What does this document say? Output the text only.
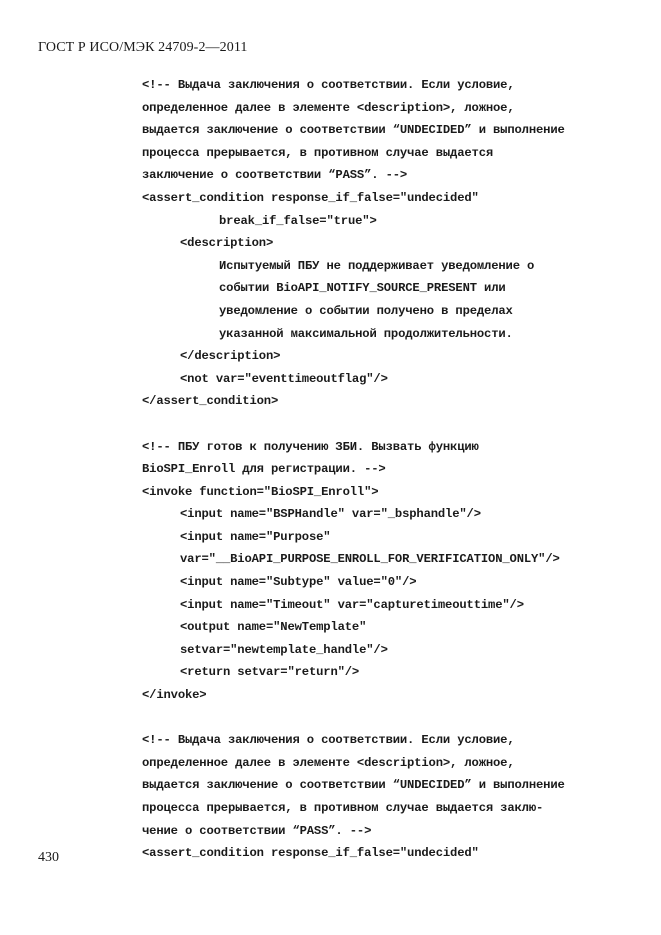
ГОСТ Р ИСО/МЭК 24709-2—2011
<!-- Выдача заключения о соответствии. Если условие,
определенное далее в элементе <description>, ложное,
выдается заключение о соответствии “UNDECIDED” и выполнение
процесса прерывается, в противном случае выдается
заключение о соответствии “PASS”. -->
<assert_condition response_if_false="undecided"
break_if_false="true">
<description>
Испытуемый ПБУ не поддерживает уведомление о
событии BioAPI_NOTIFY_SOURCE_PRESENT или
уведомление о событии получено в пределах
указанной максимальной продолжительности.
</description>
<not var="eventtimeoutflag"/>
</assert_condition>
<!-- ПБУ готов к получению ЗБИ. Вызвать функцию
BioSPI_Enroll для регистрации. -->
<invoke function="BioSPI_Enroll">
<input name="BSPHandle" var="_bsphandle"/>
<input name="Purpose"
var="__BioAPI_PURPOSE_ENROLL_FOR_VERIFICATION_ONLY"/>
<input name="Subtype" value="0"/>
<input name="Timeout" var="capturetimeouttime"/>
<output name="NewTemplate"
setvar="newtemplate_handle"/>
<return setvar="return"/>
</invoke>
<!-- Выдача заключения о соответствии. Если условие,
определенное далее в элементе <description>, ложное,
выдается заключение о соответствии “UNDECIDED” и выполнение
процесса прерывается, в противном случае выдается заклю-
чение о соответствии “PASS”. -->
<assert_condition response_if_false="undecided"
430
